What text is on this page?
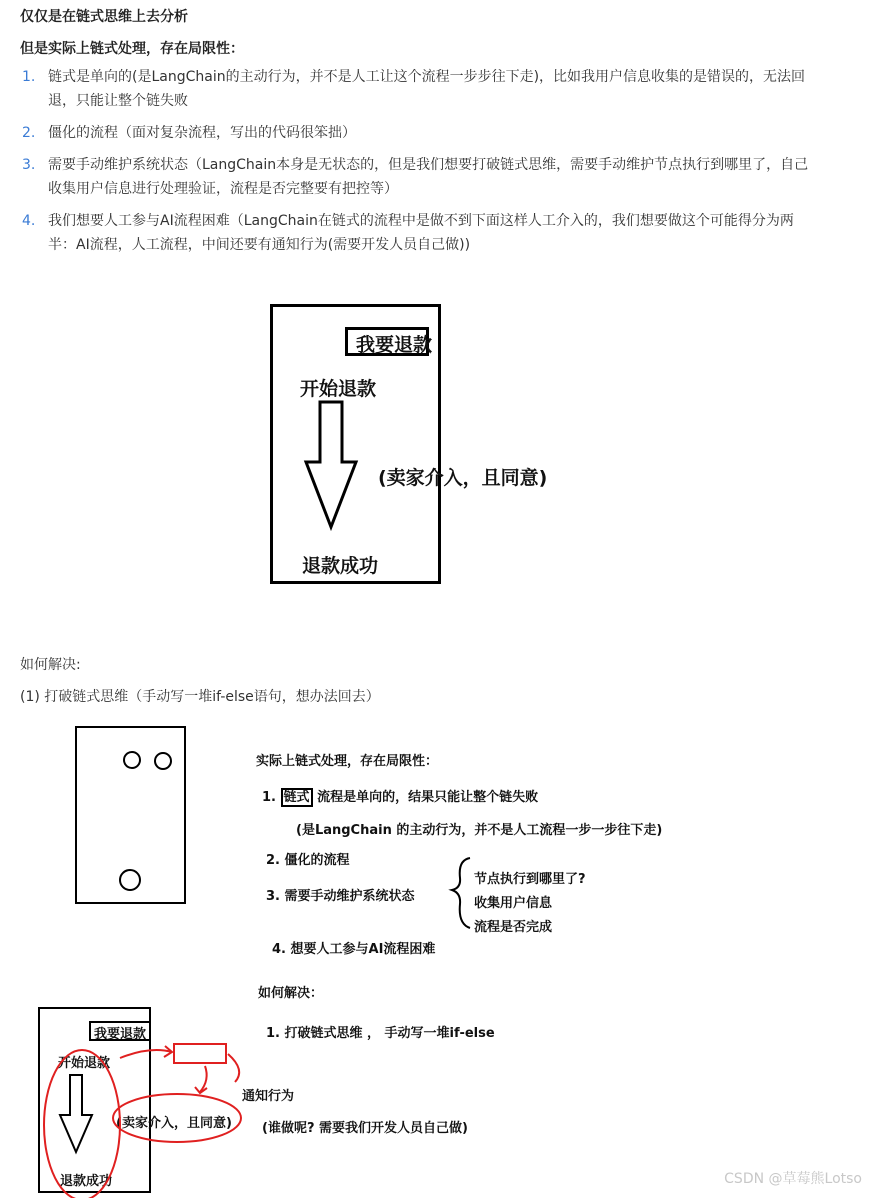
仅仅是在链式思维上去分析
但是实际上链式处理，存在局限性：
1. 链式是单向的(是LangChain的主动行为，并不是人工让这个流程一步步往下走)，比如我用户信息收集的是错误的，无法回退，只能让整个链失败
2. 僵化的流程（面对复杂流程，写出的代码很笨拙）
3. 需要手动维护系统状态（LangChain本身是无状态的，但是我们想要打破链式思维，需要手动维护节点执行到哪里了，自己收集用户信息进行处理验证，流程是否完整要有把控等）
4. 我们想要人工参与AI流程困难（LangChain在链式的流程中是做不到下面这样人工介入的，我们想要做这个可能得分为两半：AI流程，人工流程，中间还要有通知行为(需要开发人员自己做))
我要退款
开始退款
(卖家介入，且同意)
退款成功
如何解决:
(1) 打破链式思维（手动写一堆if-else语句，想办法回去）
实际上链式处理，存在局限性：
1. 链式 流程是单向的，结果只能让整个链失败
(是LangChain 的主动行为，并不是人工流程一步一步往下走)
2. 僵化的流程
3. 需要手动维护系统状态
节点执行到哪里了?
收集用户信息
流程是否完成
4. 想要人工参与AI流程困难
如何解决：
1. 打破链式思维 ， 手动写一堆if-else
通知行为
(谁做呢? 需要我们开发人员自己做)
我要退款
开始退款
(卖家介入，且同意)
退款成功	CSDN @草莓熊Lotso
